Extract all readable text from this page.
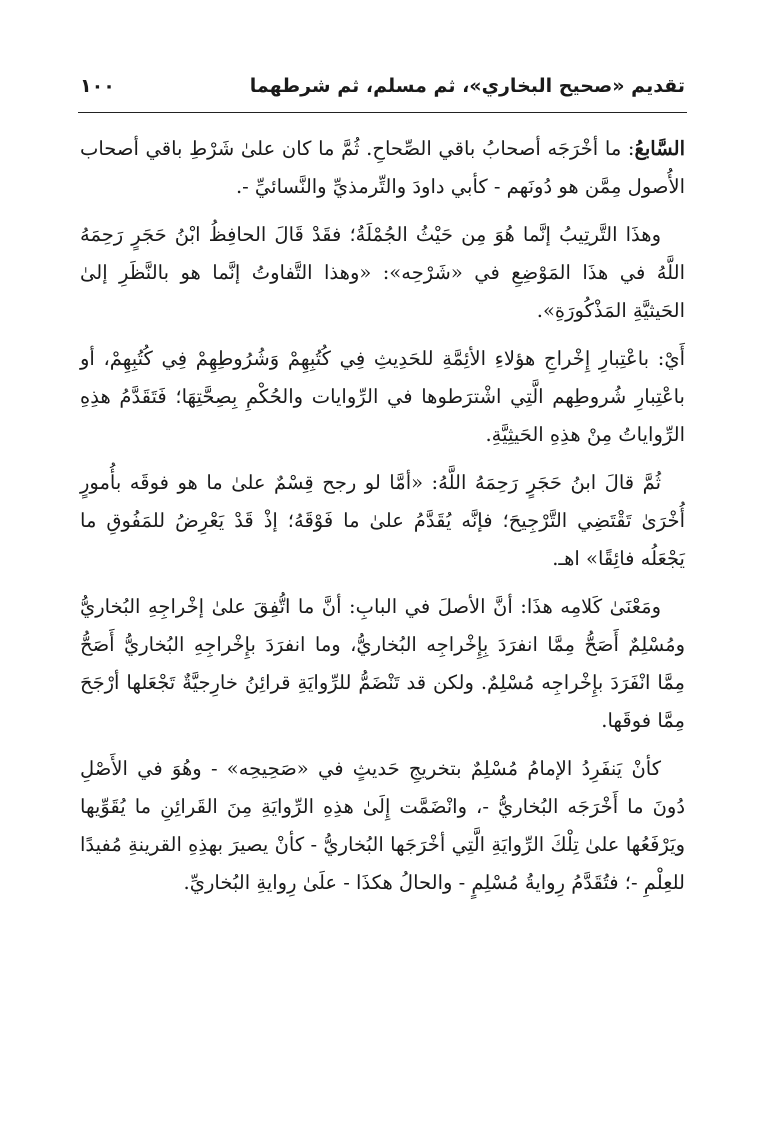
تقديم «صحيح البخاري»، ثم مسلم، ثم شرطهما
١٠٠

السَّابعُ: ما أخْرَجَه أصحابُ باقي الصِّحاحِ. ثُمَّ ما كان علىٰ شَرْطِ باقي أصحاب الأُصول مِمَّن هو دُونَهم - كأبي داودَ والتِّرمذيِّ والنَّسائيِّ -.

وهذَا التَّرتِيبُ إنَّما هُوَ مِن حَيْثُ الجُمْلَةُ؛ فقَدْ قَالَ الحافِظُ ابْنُ حَجَرٍ رَحِمَهُ اللَّهُ في هذَا المَوْضِعِ في «شَرْحِه»: «وهذا التَّفاوتُ إنَّما هو بالنَّظَرِ إلىٰ الحَيثيَّةِ المَذْكُورَةِ».

أَيْ: باعْتِبارِ إِخْراجِ هؤلاءِ الأئِمَّةِ للحَدِيثِ فِي كُتُبِهِمْ وَشُرُوطِهِمْ فِي كُتُبِهِمْ، أو باعْتِبارِ شُروطِهم الَّتِي اشْترَطوها في الرِّوايات والحُكْمِ بِصِحَّتِهَا؛ فَتَقَدَّمُ هذِهِ الرِّواياتُ مِنْ هذِهِ الحَيثِيَّةِ.

ثُمَّ قالَ ابنُ حَجَرٍ رَحِمَهُ اللَّهُ: «أمَّا لو رجح قِسْمٌ علىٰ ما هو فوقَه بأُمورٍ أُخْرَىٰ تَقْتَضِي التَّرْجِيحَ؛ فإنَّه يُقَدَّمُ علىٰ ما فَوْقَهُ؛ إذْ قَدْ يَعْرِضُ للمَفُوقِ ما يَجْعَلُه فائِقًا» اهـ.

ومَعْنَىٰ كَلامِه هذَا: أنَّ الأصلَ في البابِ: أنَّ ما اتُّفِقَ علىٰ إخْراجِهِ البُخاريُّ ومُسْلِمٌ أَصَحُّ مِمَّا انفرَدَ بِإِخْراجِه البُخاريُّ، وما انفرَدَ بإِخْراجِهِ البُخاريُّ أَصَحُّ مِمَّا انْفَرَدَ بإِخْراجِه مُسْلِمٌ. ولكن قد تَنْضَمُّ للرِّوايَةِ قرائِنُ خارِجيَّةٌ تَجْعَلها أرْجَحَ مِمَّا فوقَها.

كأنْ يَنفَرِدُ الإمامُ مُسْلِمٌ بتخريجِ حَديثٍ في «صَحِيحِه» - وهُوَ في الأَصْلِ دُونَ ما أَخْرَجَه البُخاريُّ -، وانْضَمَّت إِلَىٰ هذِهِ الرِّوايَةِ مِنَ القَرائِنِ ما يُقَوِّيها ويَرْفَعُها علىٰ تِلْكَ الرِّوايَةِ الَّتِي أخْرَجَها البُخاريُّ - كأنْ يصيرَ بهذِهِ القرينةِ مُفيدًا للعِلْمِ -؛ فتُقَدَّمُ رِوايةُ مُسْلِمٍ - والحالُ هكذَا - علَىٰ رِوايةِ البُخاريِّ.
